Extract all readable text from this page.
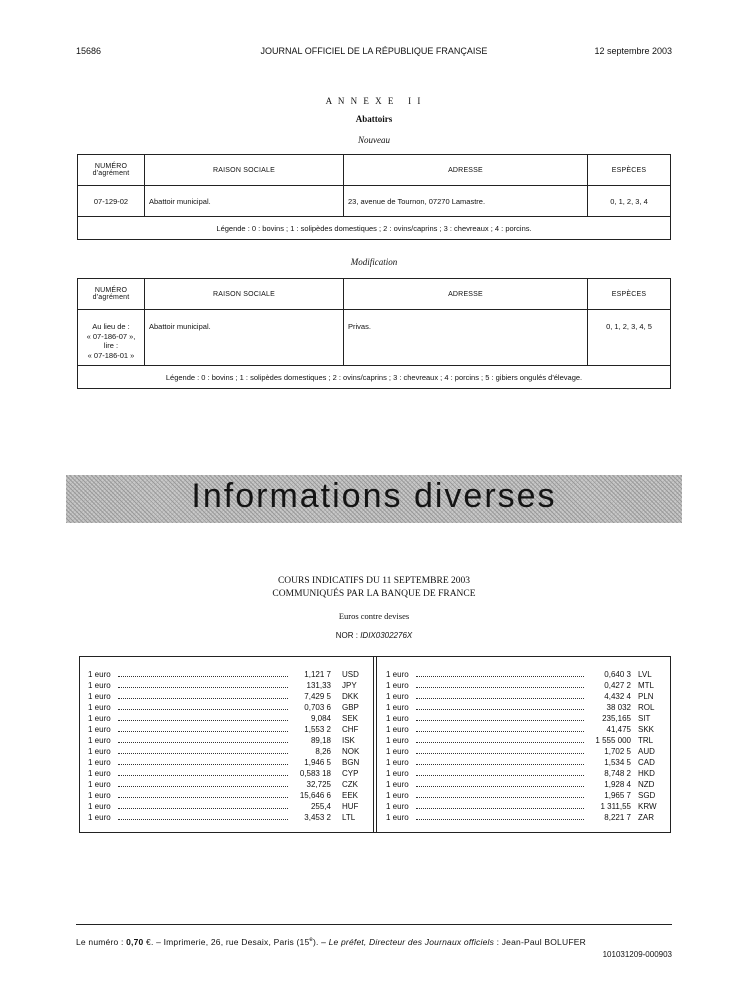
15686	JOURNAL OFFICIEL DE LA RÉPUBLIQUE FRANÇAISE	12 septembre 2003
A N N E X E   I I
Abattoirs
Nouveau
NUMÉRO
d'agrément	RAISON SOCIALE	ADRESSE	ESPÈCES
07-129-02	Abattoir municipal.	23, avenue de Tournon, 07270 Lamastre.	0, 1, 2, 3, 4
Légende : 0 : bovins ; 1 : solipèdes domestiques ; 2 : ovins/caprins ; 3 : chevreaux ; 4 : porcins.			
Modification
NUMÉRO
d'agrément	RAISON SOCIALE	ADRESSE	ESPÈCES
Au lieu de :
« 07-186-07 »,
lire :
« 07-186-01 »	Abattoir municipal.	Privas.	0, 1, 2, 3, 4, 5
Légende : 0 : bovins ; 1 : solipèdes domestiques ; 2 : ovins/caprins ; 3 : chevreaux ; 4 : porcins ; 5 : gibiers ongulés d'élevage.			
Informations diverses
COURS INDICATIFS DU 11 SEPTEMBRE 2003
COMMUNIQUÉS PAR LA BANQUE DE FRANCE
Euros contre devises
NOR : IDIX0302276X
1 euro	1,121 7 USD
1 euro	131,33 JPY
1 euro	7,429 5 DKK
1 euro	0,703 6 GBP
1 euro	9,084 SEK
1 euro	1,553 2 CHF
1 euro	89,18 ISK
1 euro	8,26 NOK
1 euro	1,946 5 BGN
1 euro	0,583 18 CYP
1 euro	32,725 CZK
1 euro	15,646 6 EEK
1 euro	255,4 HUF
1 euro	3,453 2 LTL
1 euro	0,640 3 LVL
1 euro	0,427 2 MTL
1 euro	4,432 4 PLN
1 euro	38 032 ROL
1 euro	235,165 SIT
1 euro	41,475 SKK
1 euro	1 555 000 TRL
1 euro	1,702 5 AUD
1 euro	1,534 5 CAD
1 euro	8,748 2 HKD
1 euro	1,928 4 NZD
1 euro	1,965 7 SGD
1 euro	1 311,55 KRW
1 euro	8,221 7 ZAR
Le numéro : 0,70 €. – Imprimerie, 26, rue Desaix, Paris (15e). – Le préfet, Directeur des Journaux officiels : Jean-Paul BOLUFER
101031209-000903
